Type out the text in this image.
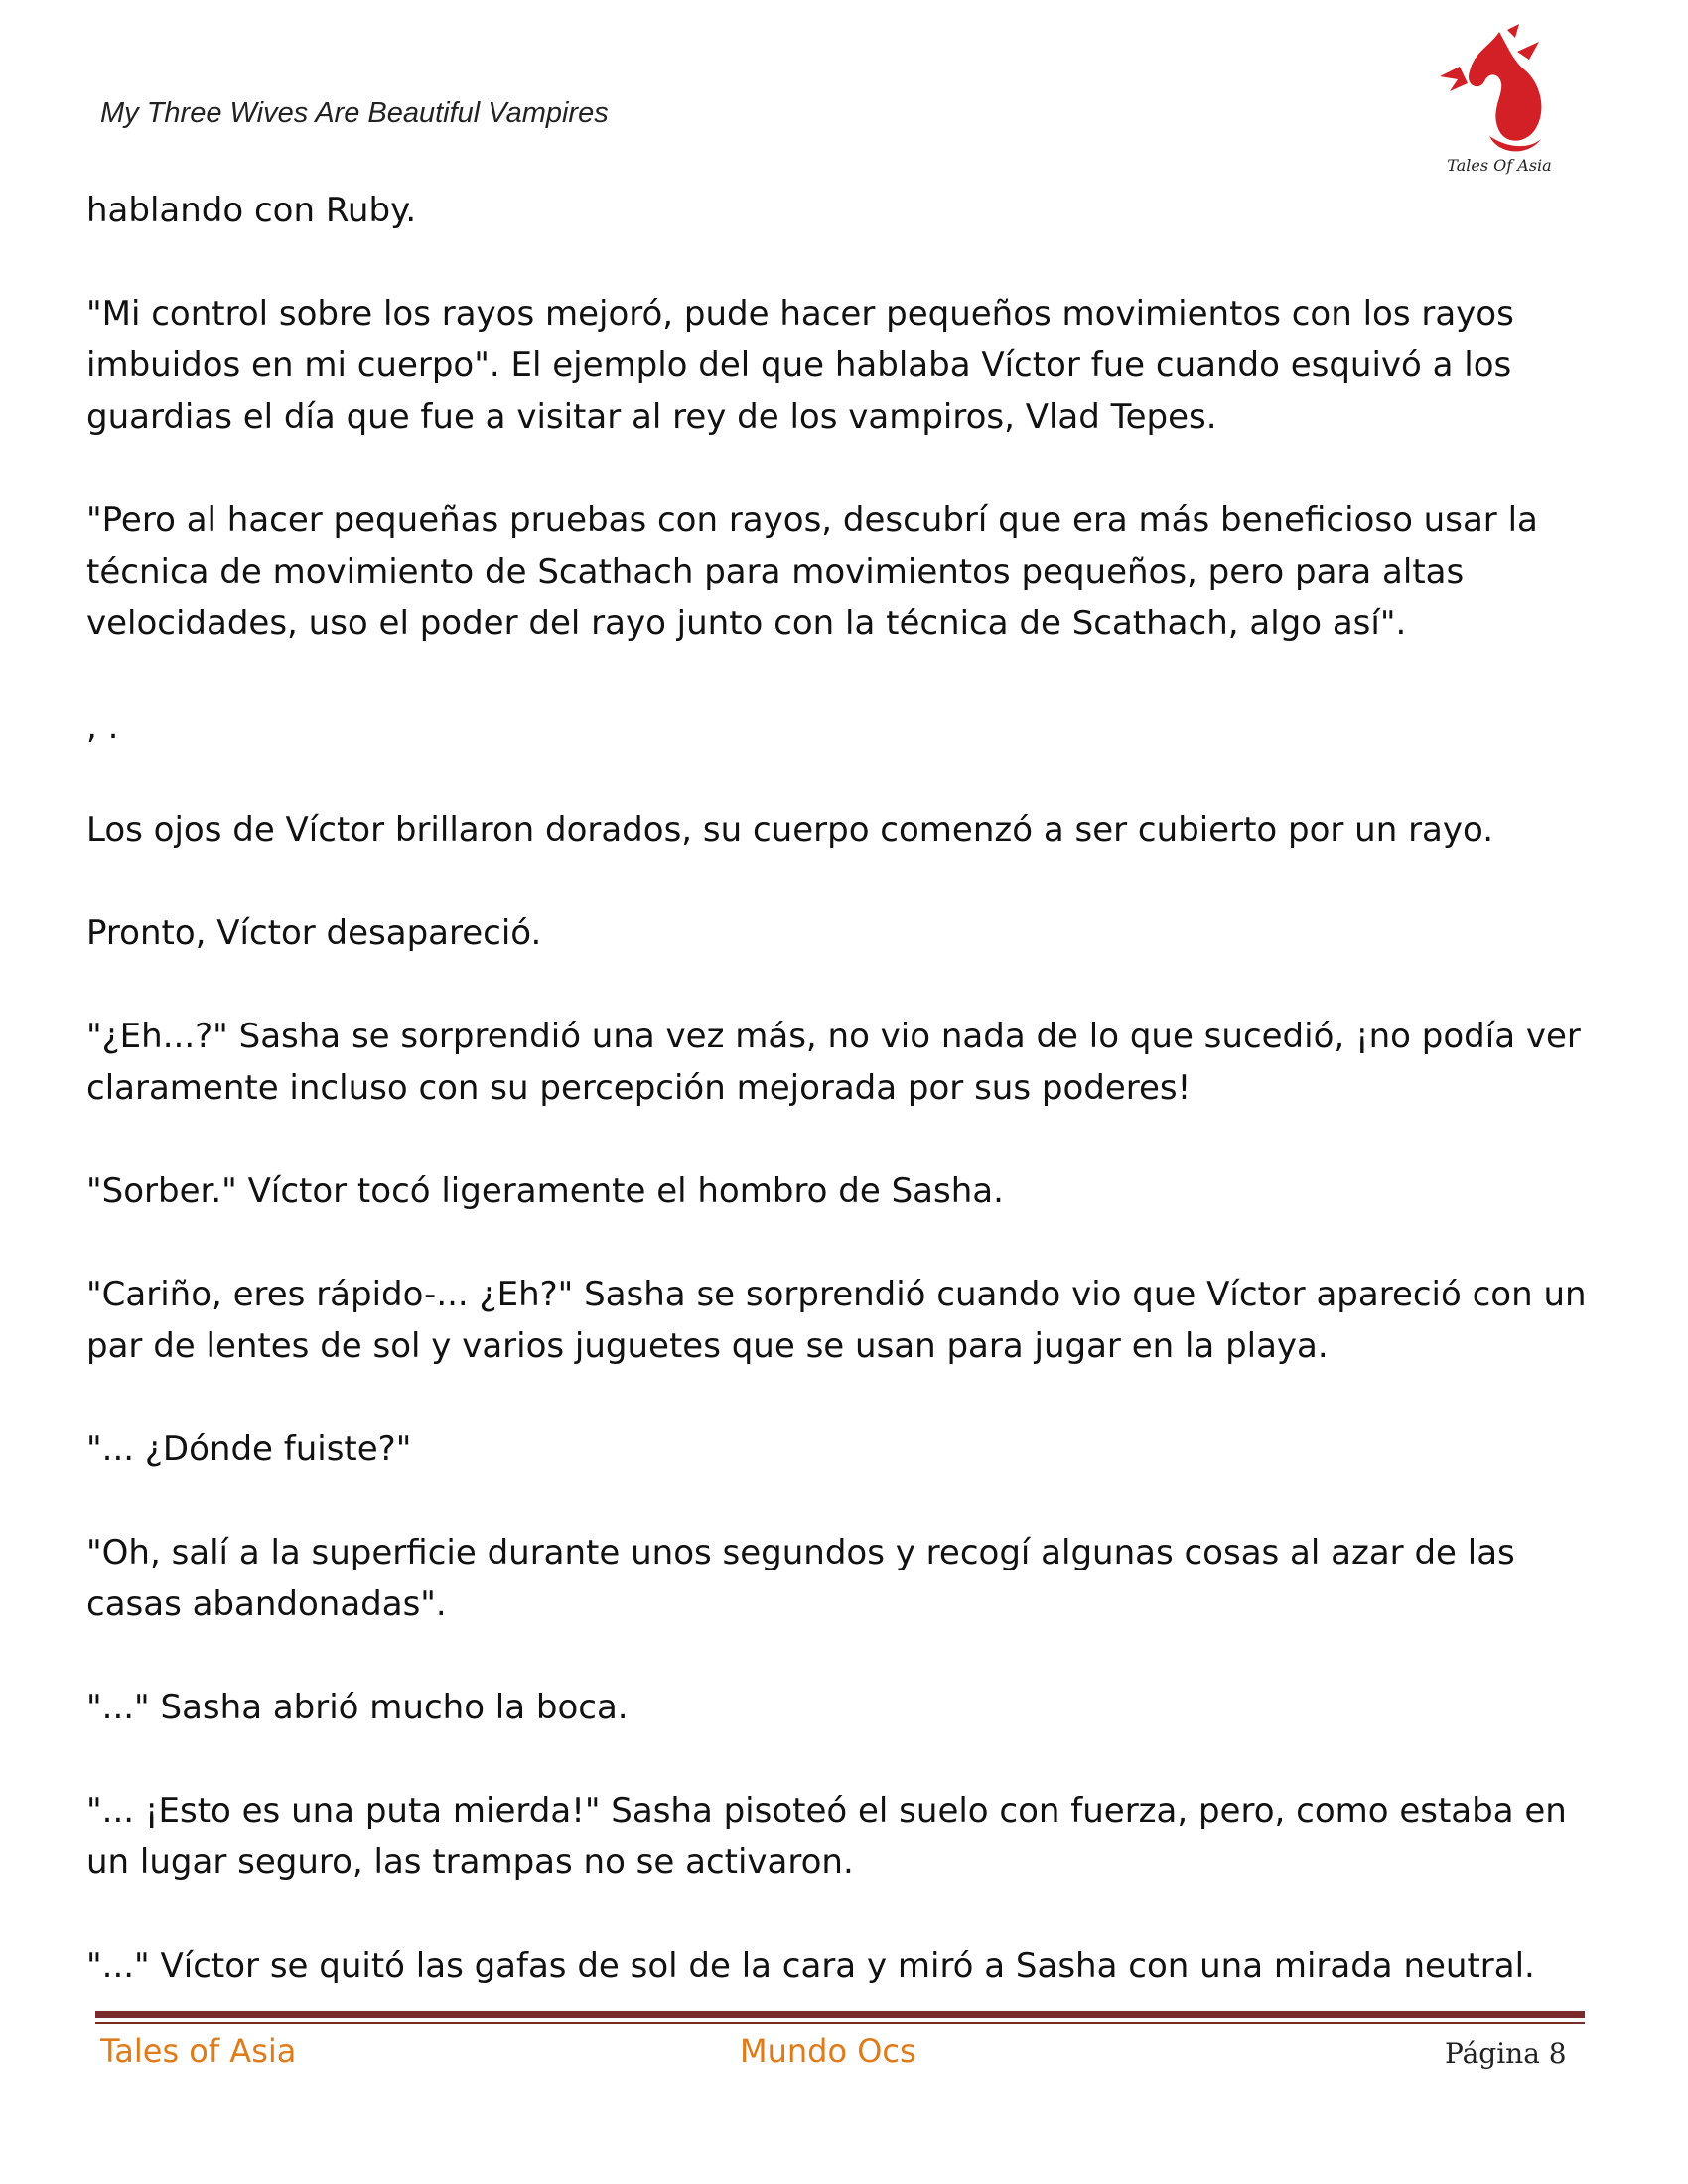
My Three Wives Are Beautiful Vampires
Tales Of Asia

hablando con Ruby.

"Mi control sobre los rayos mejoró, pude hacer pequeños movimientos con los rayos imbuidos en mi cuerpo". El ejemplo del que hablaba Víctor fue cuando esquivó a los guardias el día que fue a visitar al rey de los vampiros, Vlad Tepes.

"Pero al hacer pequeñas pruebas con rayos, descubrí que era más beneficioso usar la técnica de movimiento de Scathach para movimientos pequeños, pero para altas velocidades, uso el poder del rayo junto con la técnica de Scathach, algo así".

, .

Los ojos de Víctor brillaron dorados, su cuerpo comenzó a ser cubierto por un rayo.

Pronto, Víctor desapareció.

"¿Eh...?" Sasha se sorprendió una vez más, no vio nada de lo que sucedió, ¡no podía ver claramente incluso con su percepción mejorada por sus poderes!

"Sorber." Víctor tocó ligeramente el hombro de Sasha.

"Cariño, eres rápido-... ¿Eh?" Sasha se sorprendió cuando vio que Víctor apareció con un par de lentes de sol y varios juguetes que se usan para jugar en la playa.

"... ¿Dónde fuiste?"

"Oh, salí a la superficie durante unos segundos y recogí algunas cosas al azar de las casas abandonadas".

"..." Sasha abrió mucho la boca.

"... ¡Esto es una puta mierda!" Sasha pisoteó el suelo con fuerza, pero, como estaba en un lugar seguro, las trampas no se activaron.

"..." Víctor se quitó las gafas de sol de la cara y miró a Sasha con una mirada neutral.

Tales of Asia	Mundo Ocs	Página 8
